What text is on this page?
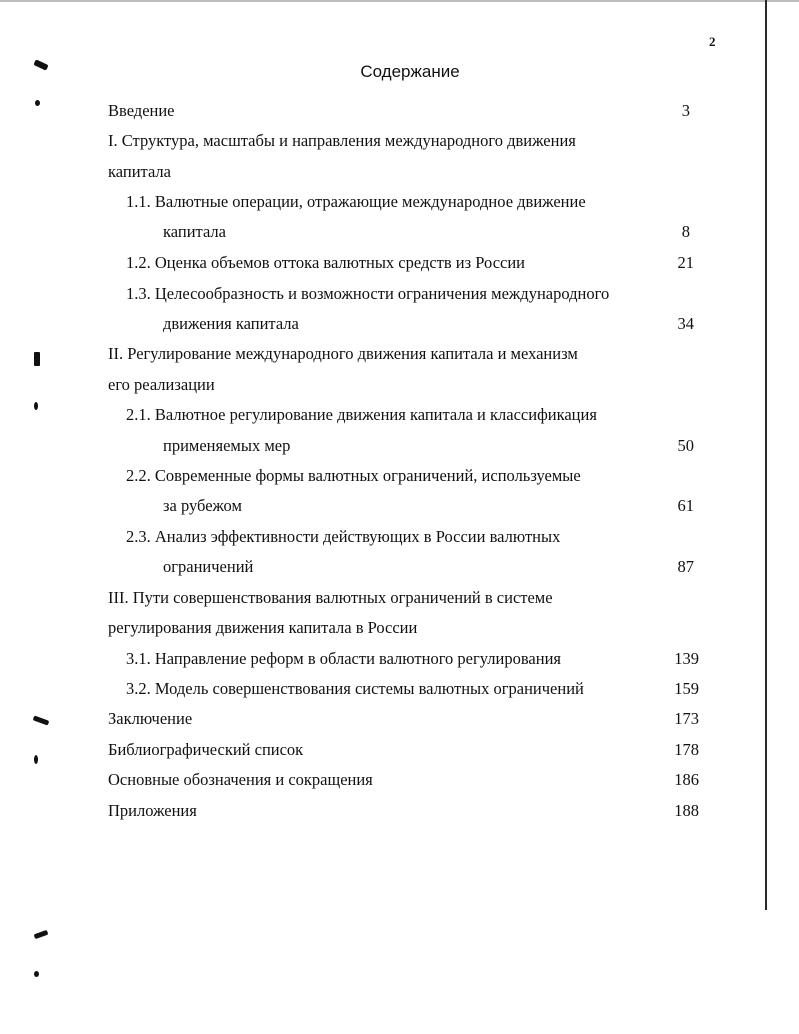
2
Содержание
Введение	3
I. Структура, масштабы и направления международного движения
капитала
1.1. Валютные операции, отражающие международное движение
капитала	8
1.2. Оценка объемов оттока валютных средств из России	21
1.3. Целесообразность и возможности ограничения международного
движения капитала	34
II. Регулирование международного движения капитала и механизм
его реализации
2.1. Валютное регулирование движения капитала и классификация
применяемых мер	50
2.2. Современные формы валютных ограничений, используемые
за рубежом	61
2.3. Анализ эффективности действующих в России валютных
ограничений	87
III. Пути совершенствования валютных ограничений в системе
регулирования движения капитала в России
3.1. Направление реформ в области валютного регулирования	139
3.2. Модель совершенствования системы валютных ограничений	159
Заключение	173
Библиографический список	178
Основные обозначения и сокращения	186
Приложения	188
